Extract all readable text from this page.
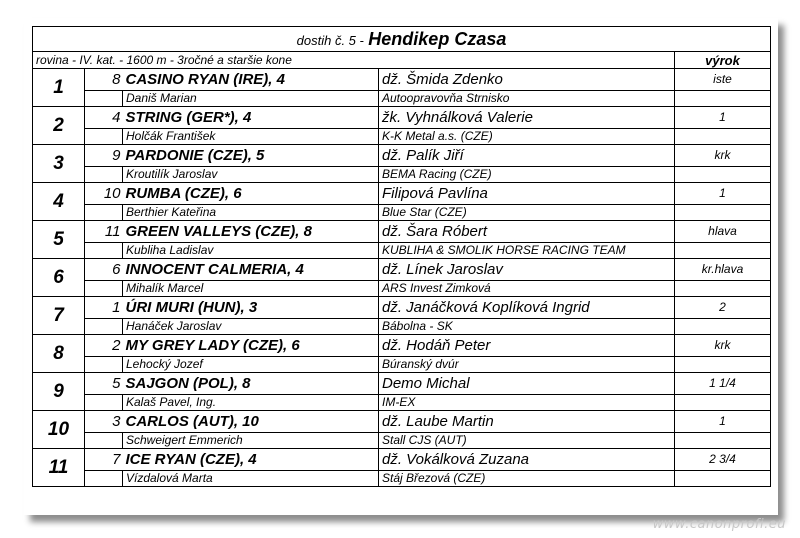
dostih č. 5 - Hendikep Czasa				
rovina - IV. kat. - 1600 m - 3ročné a staršie kone				výrok
1	8	CASINO RYAN (IRE), 4	dž. Šmida Zdenko	iste
		Daniš Marian	Autoopravovňa Strnisko	
2	4	STRING (GER*), 4	žk. Vyhnálková Valerie	1
		Holčák František	K-K Metal a.s. (CZE)	
3	9	PARDONIE (CZE), 5	dž. Palík Jiří	krk
		Kroutilík Jaroslav	BEMA Racing (CZE)	
4	10	RUMBA (CZE), 6	Filipová Pavlína	1
		Berthier Kateřina	Blue Star (CZE)	
5	11	GREEN VALLEYS (CZE), 8	dž. Šara Róbert	hlava
		Kubliha Ladislav	KUBLIHA & SMOLIK HORSE RACING TEAM	
6	6	INNOCENT CALMERIA, 4	dž. Línek Jaroslav	kr.hlava
		Mihalík Marcel	ARS Invest Zimková	
7	1	ÚRI MURI (HUN), 3	dž. Janáčková Koplíková Ingrid	2
		Hanáček Jaroslav	Bábolna - SK	
8	2	MY GREY LADY (CZE), 6	dž. Hodáň Peter	krk
		Lehocký Jozef	Búranský dvúr	
9	5	SAJGON (POL), 8	Demo Michal	1 1/4
		Kalaš Pavel, Ing.	IM-EX	
10	3	CARLOS (AUT), 10	dž. Laube Martin	1
		Schweigert Emmerich	Stall CJS (AUT)	
11	7	ICE RYAN (CZE), 4	dž. Vokálková Zuzana	2 3/4
		Vízdalová Marta	Stáj Březová (CZE)	
www.canonprofi.eu
